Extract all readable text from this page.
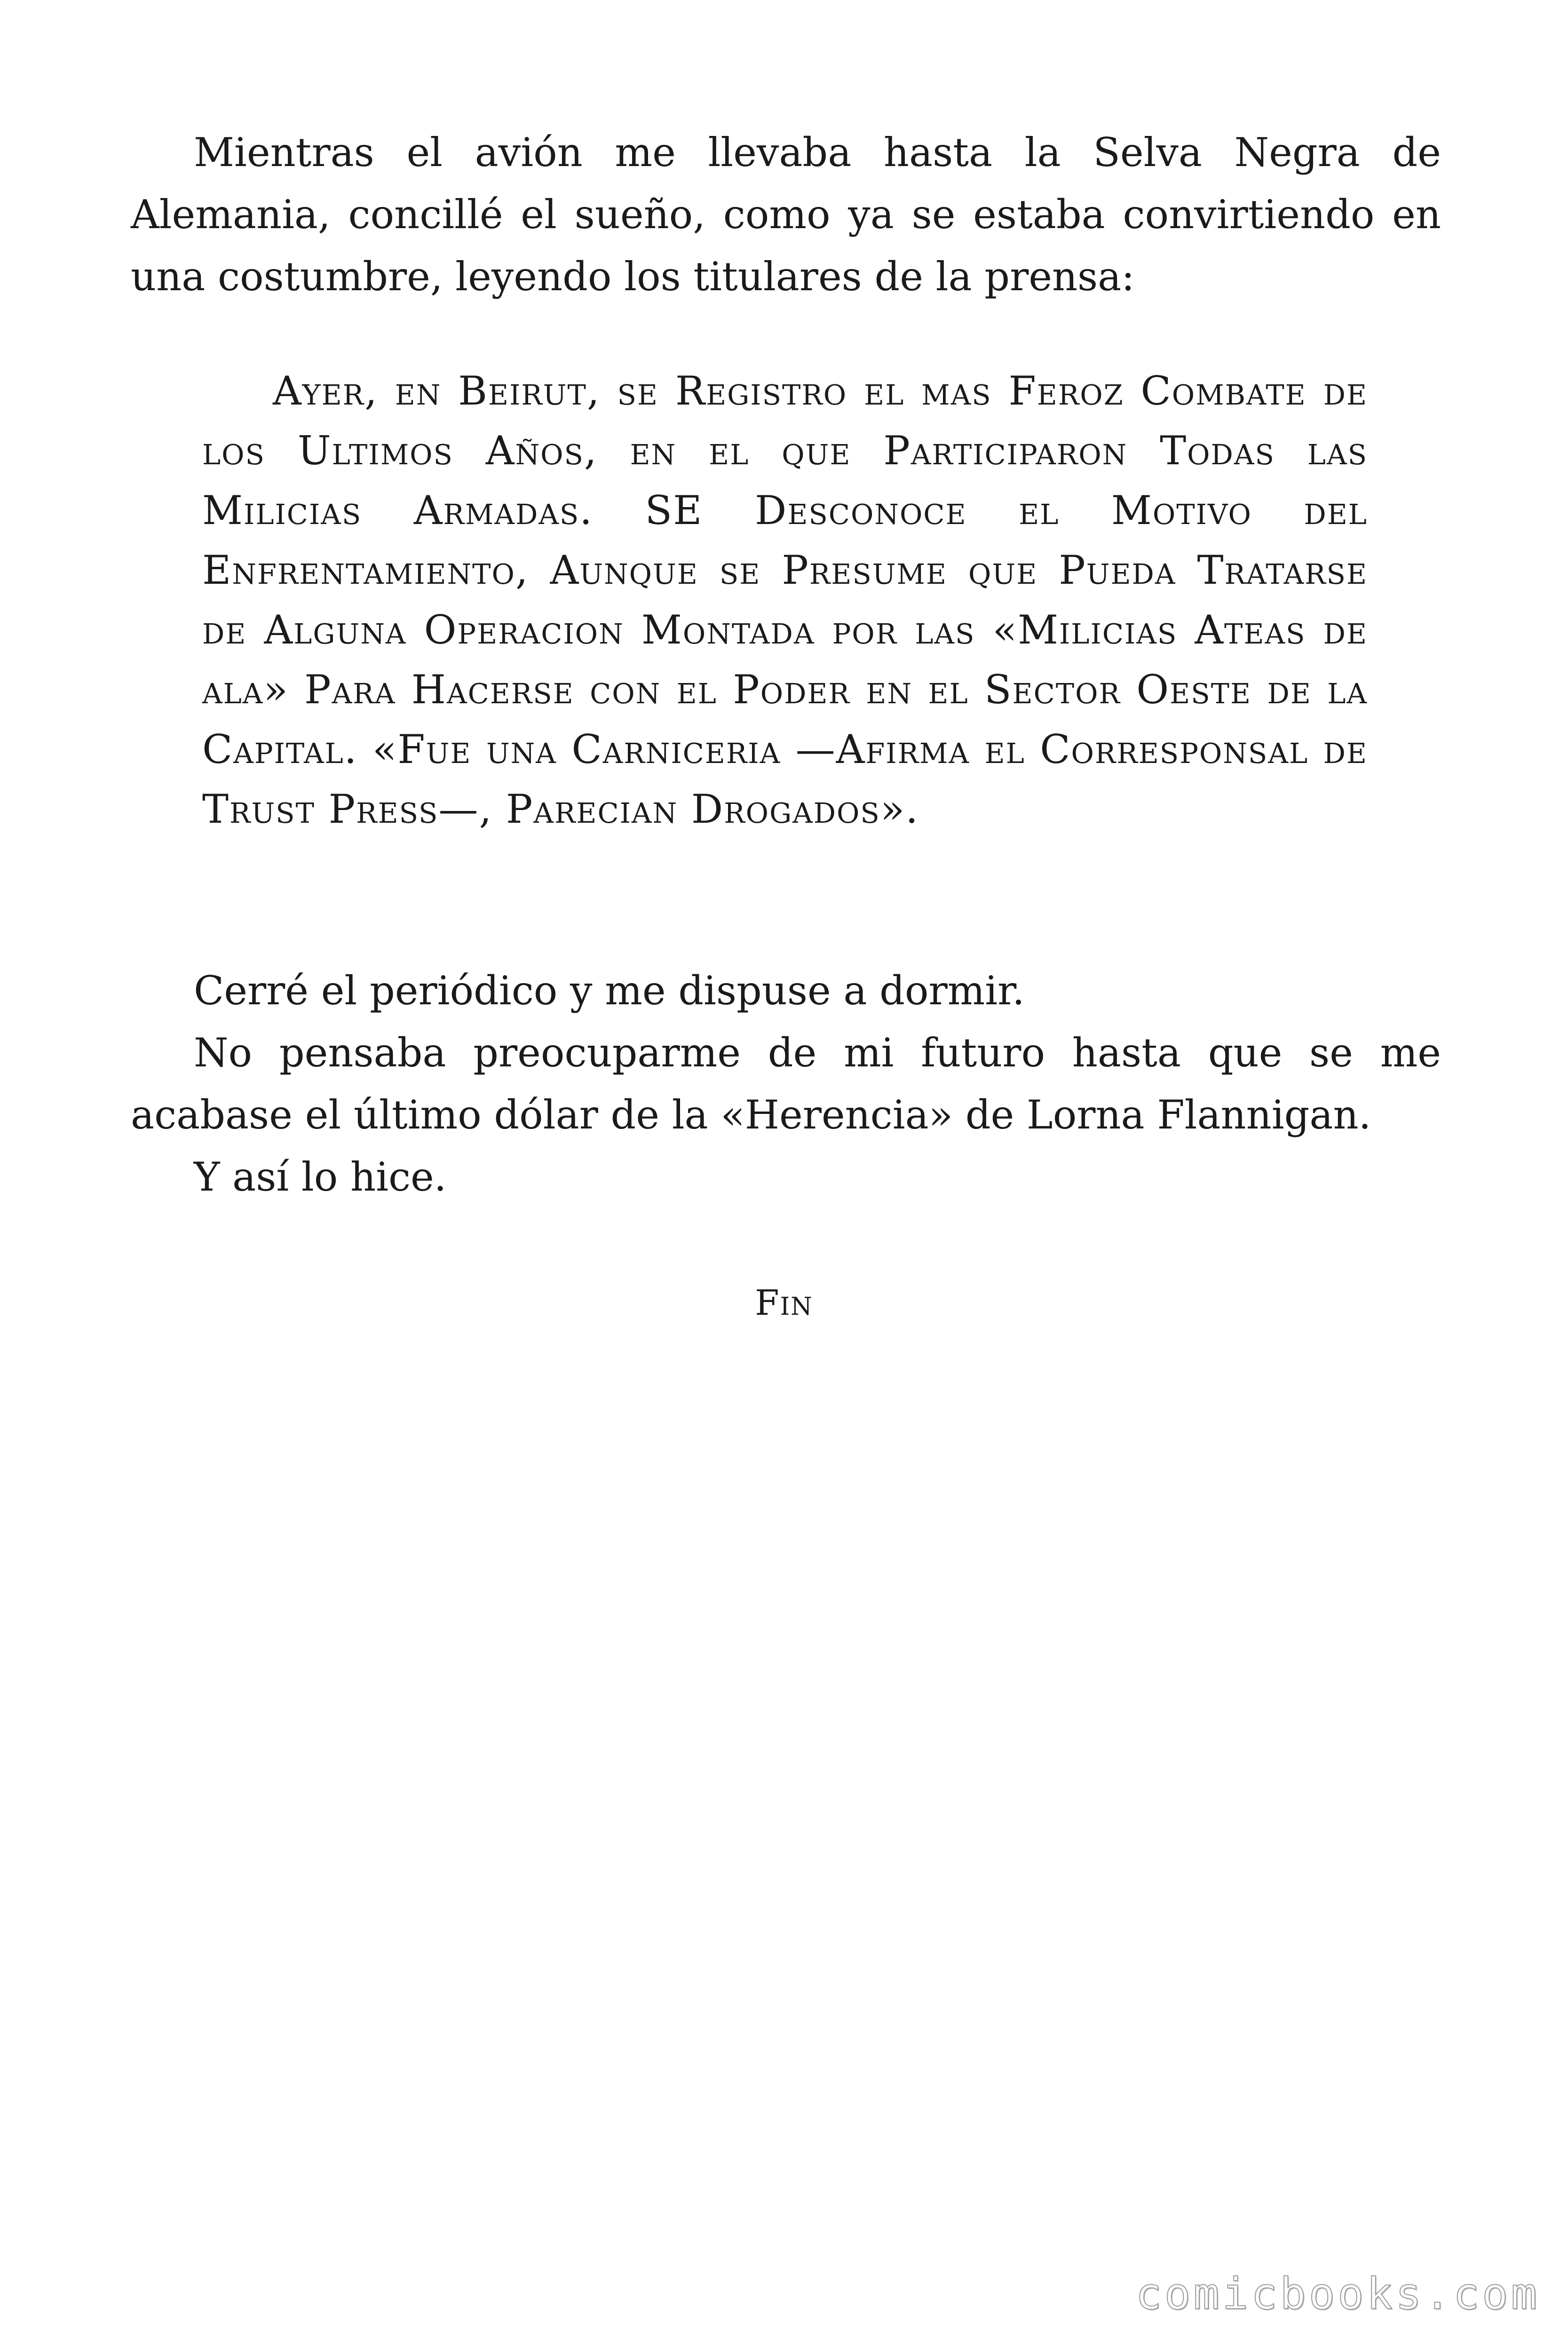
Mientras el avión me llevaba hasta la Selva Negra de Alemania, concillé el sueño, como ya se estaba convirtiendo en una costumbre, leyendo los titulares de la prensa:

Ayer, en Beirut, se Registro el mas Feroz Combate de los Ultimos Años, en el que Participaron Todas las Milicias Armadas. SE Desconoce el Motivo del Enfrentamiento, Aunque se Presume que Pueda Tratarse de Alguna Operacion Montada por las «Milicias Ateas de ala» Para Hacerse con el Poder en el Sector Oeste de la Capital. «Fue una Carniceria —Afirma el Corresponsal de Trust Press—, Parecian Drogados».

Cerré el periódico y me dispuse a dormir.

No pensaba preocuparme de mi futuro hasta que se me acabase el último dólar de la «Herencia» de Lorna Flannigan.

Y así lo hice.

Fin
comicbooks.com
